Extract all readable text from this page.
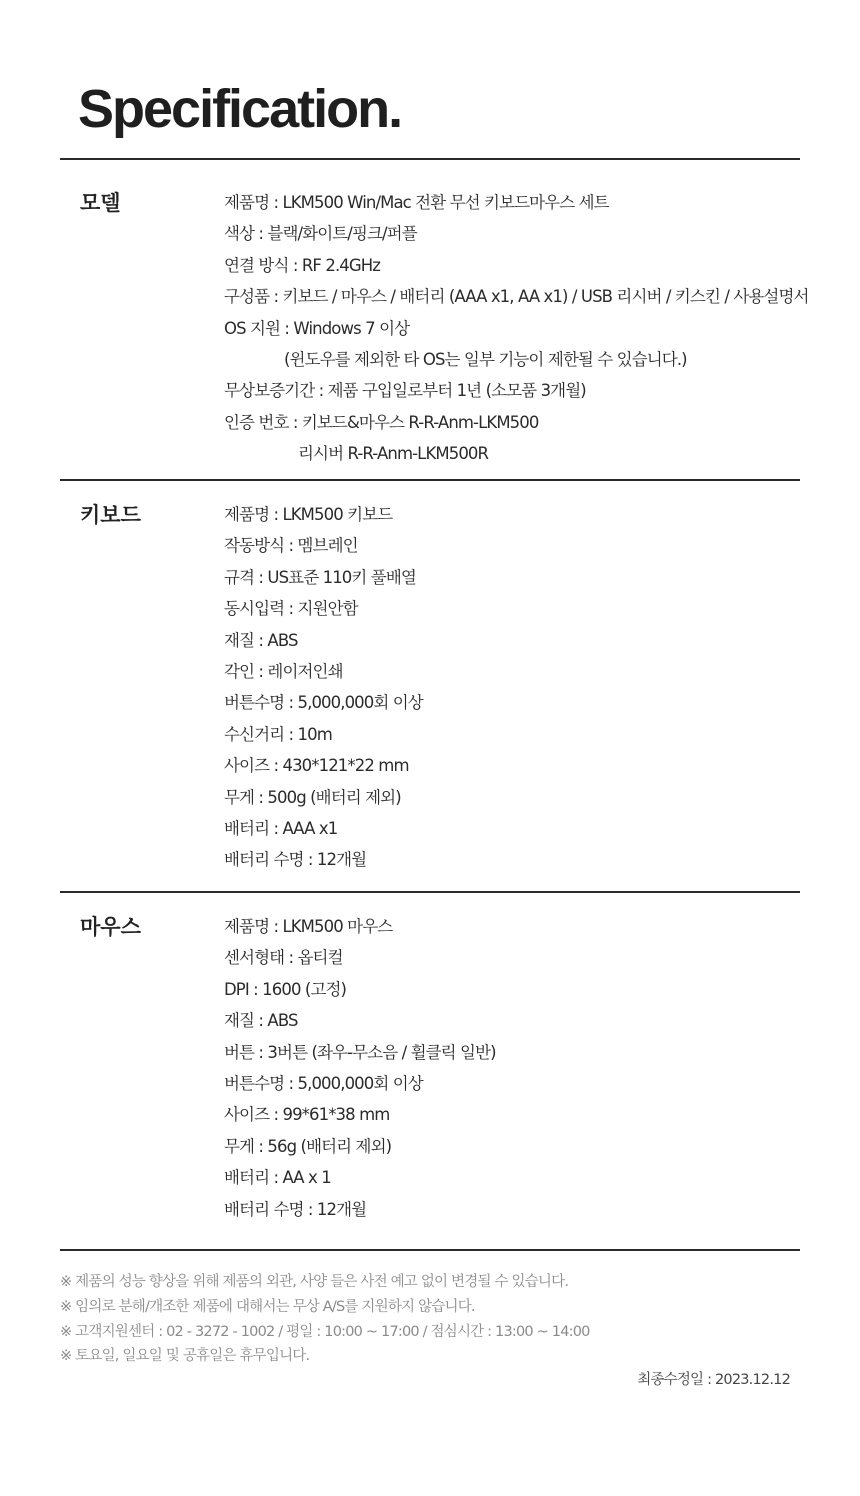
Specification.
모델	제품명 : LKM500 Win/Mac 전환 무선 키보드마우스 세트
색상 : 블랙/화이트/핑크/퍼플
연결 방식 : RF 2.4GHz
구성품 : 키보드 / 마우스 / 배터리 (AAA x1, AA x1) / USB 리시버 / 키스킨 / 사용설명서
OS 지원 : Windows 7 이상
(윈도우를 제외한 타 OS는 일부 기능이 제한될 수 있습니다.)
무상보증기간 : 제품 구입일로부터 1년 (소모품 3개월)
인증 번호 : 키보드&마우스 R-R-Anm-LKM500
리시버 R-R-Anm-LKM500R
키보드	제품명 : LKM500 키보드
작동방식 : 멤브레인
규격 : US표준 110키 풀배열
동시입력 : 지원안함
재질 : ABS
각인 : 레이저인쇄
버튼수명 : 5,000,000회 이상
수신거리 : 10m
사이즈 : 430*121*22 mm
무게 : 500g (배터리 제외)
배터리 : AAA x1
배터리 수명 : 12개월
마우스	제품명 : LKM500 마우스
센서형태 : 옵티컬
DPI : 1600 (고정)
재질 : ABS
버튼 : 3버튼 (좌우-무소음 / 휠클릭 일반)
버튼수명 : 5,000,000회 이상
사이즈 : 99*61*38 mm
무게 : 56g (배터리 제외)
배터리 : AA x 1
배터리 수명 : 12개월
※ 제품의 성능 향상을 위해 제품의 외관, 사양 들은 사전 예고 없이 변경될 수 있습니다.
※ 임의로 분해/개조한 제품에 대해서는 무상 A/S를 지원하지 않습니다.
※ 고객지원센터 : 02 - 3272 - 1002 / 평일 : 10:00 ~ 17:00 / 점심시간 : 13:00 ~ 14:00
※ 토요일, 일요일 및 공휴일은 휴무입니다.
최종수정일 : 2023.12.12
